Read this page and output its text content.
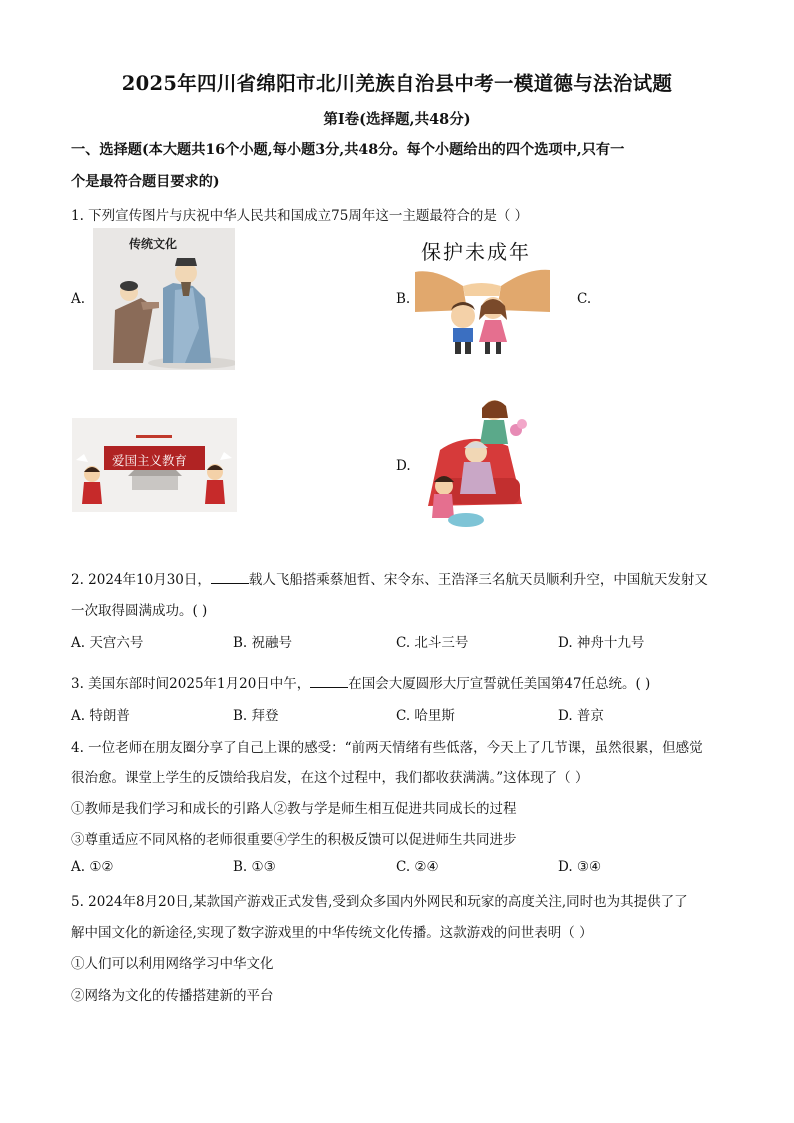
2025年四川省绵阳市北川羌族自治县中考一模道德与法治试题
第I卷(选择题,共48分)
一、选择题(本大题共16个小题,每小题3分,共48分。每个小题给出的四个选项中,只有一
个是最符合题目要求的)
1. 下列宣传图片与庆祝中华人民共和国成立75周年这一主题最符合的是（ ）
A.
传统文化
B.
保护未成年
C.
爱国主义教育	D.
2. 2024年10月30日，	载人飞船搭乘蔡旭哲、宋令东、王浩泽三名航天员顺利升空，中国航天发射又
一次取得圆满成功。( )
A. 天宫六号	B. 祝融号	C. 北斗三号	D. 神舟十九号
3. 美国东部时间2025年1月20日中午，	在国会大厦圆形大厅宣誓就任美国第47任总统。( )
A. 特朗普	B. 拜登	C. 哈里斯	D. 普京
4. 一位老师在朋友圈分享了自己上课的感受：“前两天情绪有些低落，今天上了几节课，虽然很累，但感觉
很治愈。课堂上学生的反馈给我启发，在这个过程中，我们都收获满满。”这体现了（ ）
①教师是我们学习和成长的引路人②教与学是师生相互促进共同成长的过程
③尊重适应不同风格的老师很重要④学生的积极反馈可以促进师生共同进步
A. ①②	B. ①③	C. ②④	D. ③④
5. 2024年8月20日,某款国产游戏正式发售,受到众多国内外网民和玩家的高度关注,同时也为其提供了了
解中国文化的新途径,实现了数字游戏里的中华传统文化传播。这款游戏的问世表明（ ）
①人们可以利用网络学习中华文化
②网络为文化的传播搭建新的平台
